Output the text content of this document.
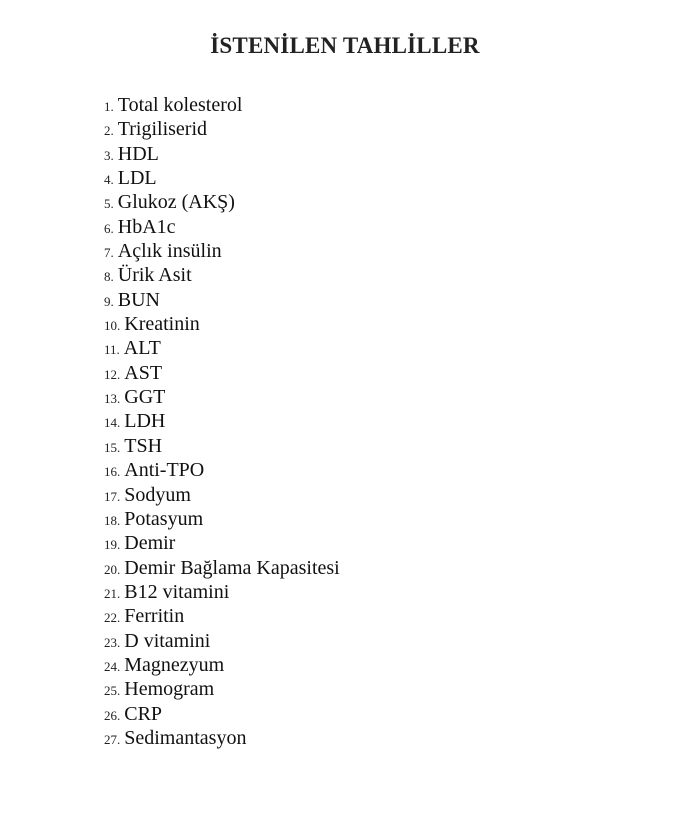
İSTENİLEN TAHLİLLER
1. Total kolesterol
2. Trigiliserid
3. HDL
4. LDL
5. Glukoz (AKŞ)
6. HbA1c
7. Açlık insülin
8. Ürik Asit
9. BUN
10. Kreatinin
11. ALT
12. AST
13. GGT
14. LDH
15. TSH
16. Anti-TPO
17. Sodyum
18. Potasyum
19. Demir
20. Demir Bağlama Kapasitesi
21. B12 vitamini
22. Ferritin
23. D vitamini
24. Magnezyum
25. Hemogram
26. CRP
27. Sedimantasyon
